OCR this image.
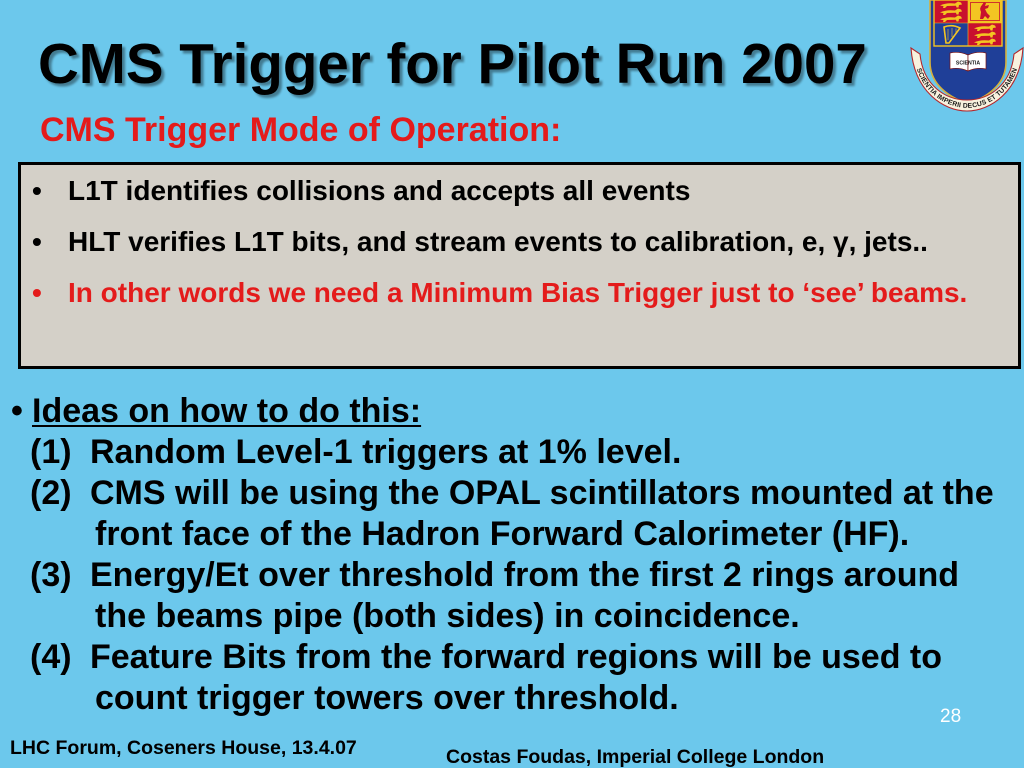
CMS Trigger for Pilot Run 2007
CMS Trigger Mode of Operation:
SCIENTIA
SCIENTIA IMPERII DECUS ET TUTAMEN
• L1T identifies collisions and accepts all events
• HLT verifies L1T bits, and stream events to calibration, e, γ, jets..
• In other words we need a Minimum Bias Trigger just to ‘see’ beams.
• Ideas on how to do this:
(1) Random Level-1 triggers at 1% level.
(2) CMS will be using the OPAL scintillators mounted at the
front face of the Hadron Forward Calorimeter (HF).
(3) Energy/Et over threshold from the first 2 rings around
the beams pipe (both sides) in coincidence.
(4) Feature Bits from the forward regions will be used to
count trigger towers over threshold.	28
LHC Forum, Coseners House, 13.4.07	Costas Foudas, Imperial College London
